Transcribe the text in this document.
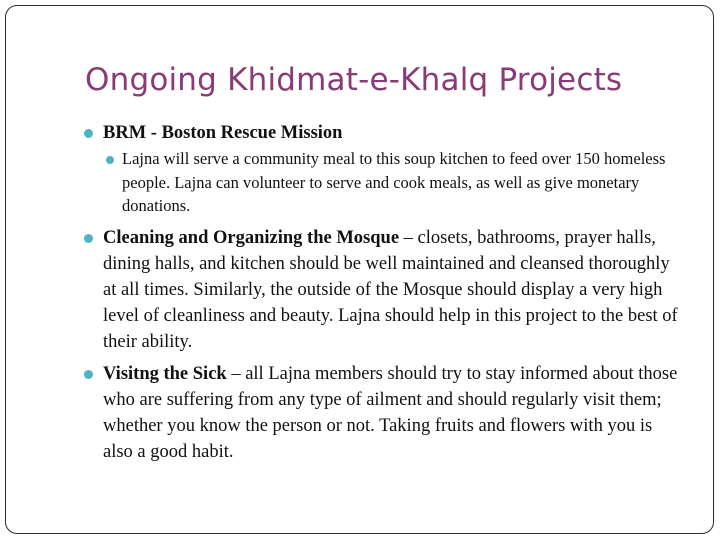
Ongoing Khidmat-e-Khalq Projects
BRM - Boston Rescue Mission
Lajna will serve a community meal to this soup kitchen to feed over 150 homeless people. Lajna can volunteer to serve and cook meals, as well as give monetary donations.
Cleaning and Organizing the Mosque – closets, bathrooms, prayer halls, dining halls, and kitchen should be well maintained and cleansed thoroughly at all times. Similarly, the outside of the Mosque should display a very high level of cleanliness and beauty. Lajna should help in this project to the best of their ability.
Visitng the Sick – all Lajna members should try to stay informed about those who are suffering from any type of ailment and should regularly visit them; whether you know the person or not. Taking fruits and flowers with you is also a good habit.
